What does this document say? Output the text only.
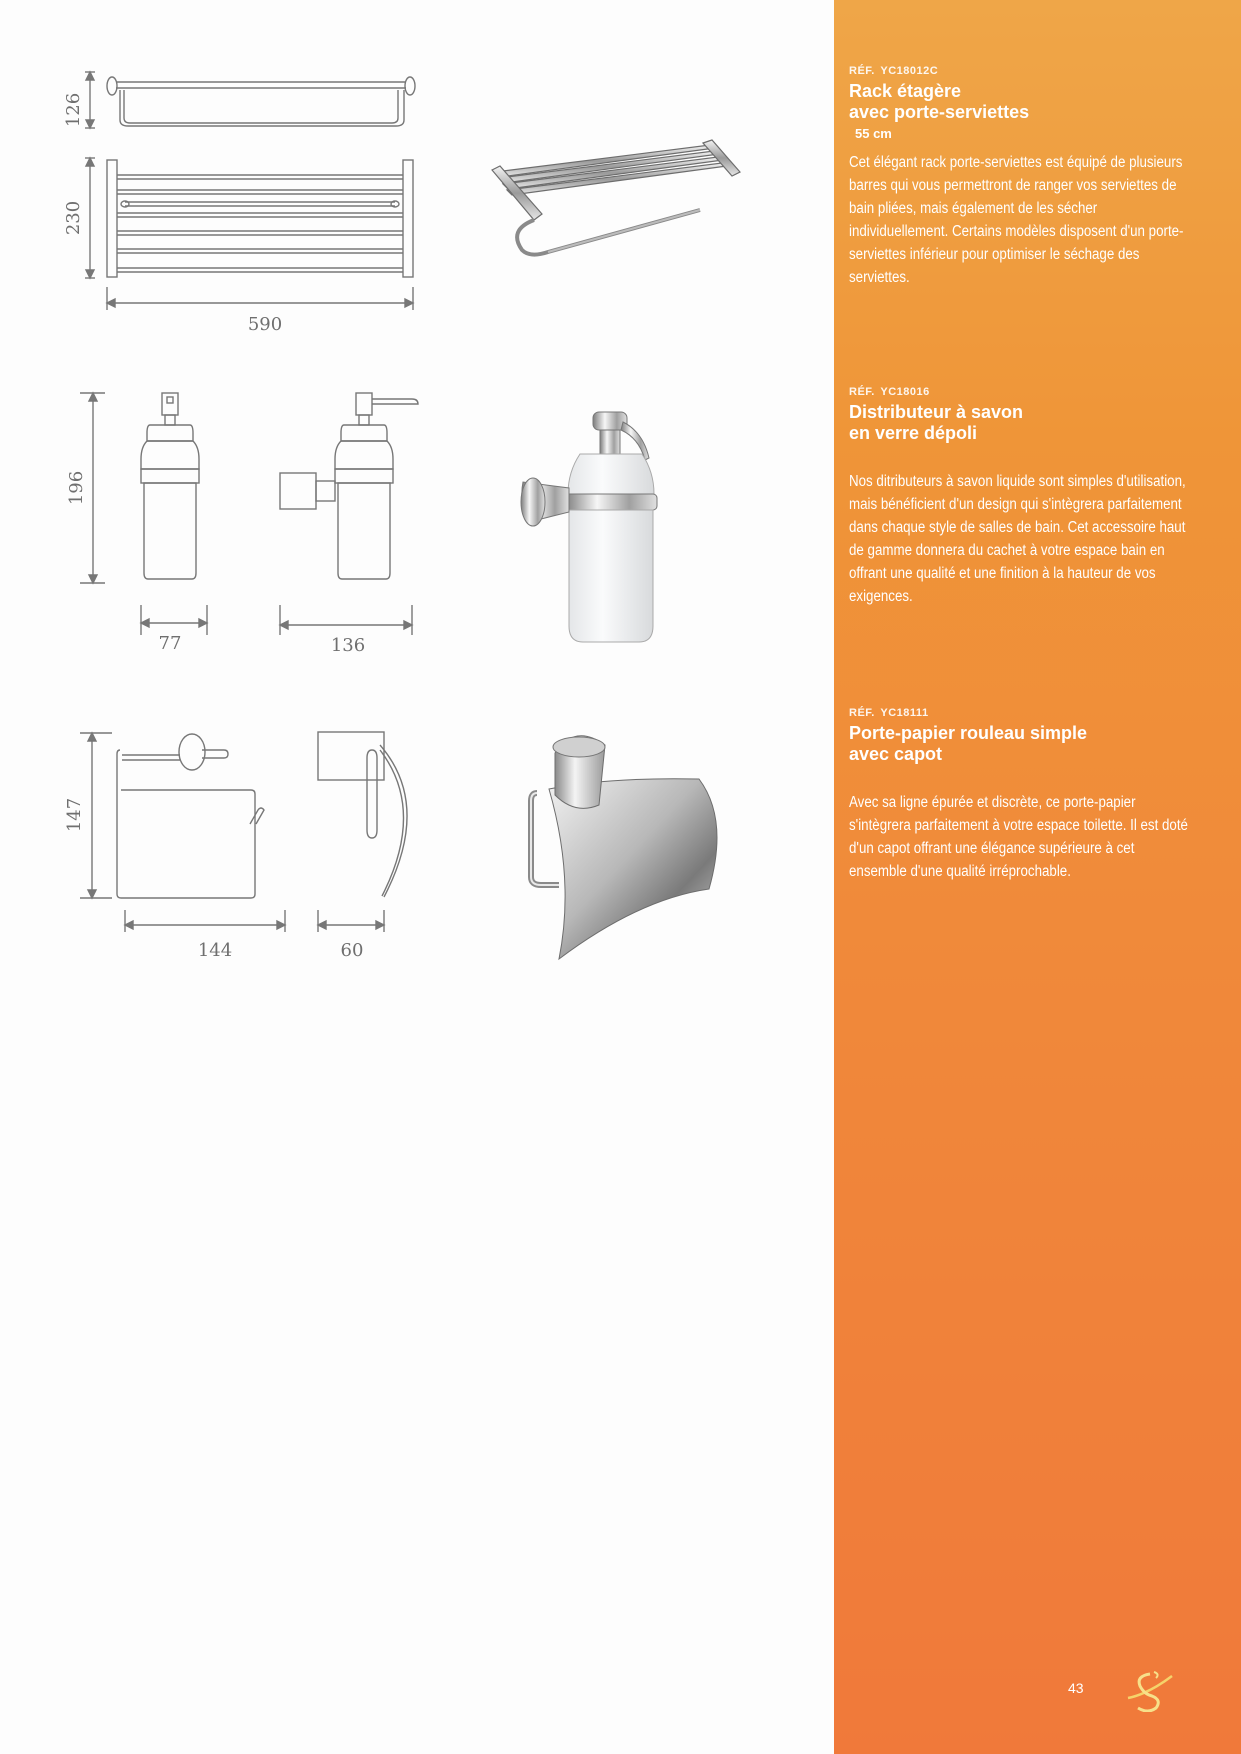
126
230
590
196
77	136
147
144	60
RÉF. YC18012C
Rack étagère
avec porte-serviettes
55 cm
Cet élégant rack porte-serviettes est équipé de plusieurs barres qui vous permettront de ranger vos serviettes de bain pliées, mais également de les sécher individuellement. Certains modèles disposent d'un porte-serviettes inférieur pour optimiser le séchage des serviettes.
RÉF. YC18016
Distributeur à savon
en verre dépoli
Nos ditributeurs à savon liquide sont simples d'utilisation, mais bénéficient d'un design qui s'intègrera parfaitement dans chaque style de salles de bain. Cet accessoire haut de gamme donnera du cachet à votre espace bain en offrant une qualité et une finition à la hauteur de vos exigences.
RÉF. YC18111
Porte-papier rouleau simple
avec capot
Avec sa ligne épurée et discrète, ce porte-papier s'intègrera parfaitement à votre espace toilette. Il est doté d'un capot offrant une élégance supérieure à cet ensemble d'une qualité irréprochable.
43
